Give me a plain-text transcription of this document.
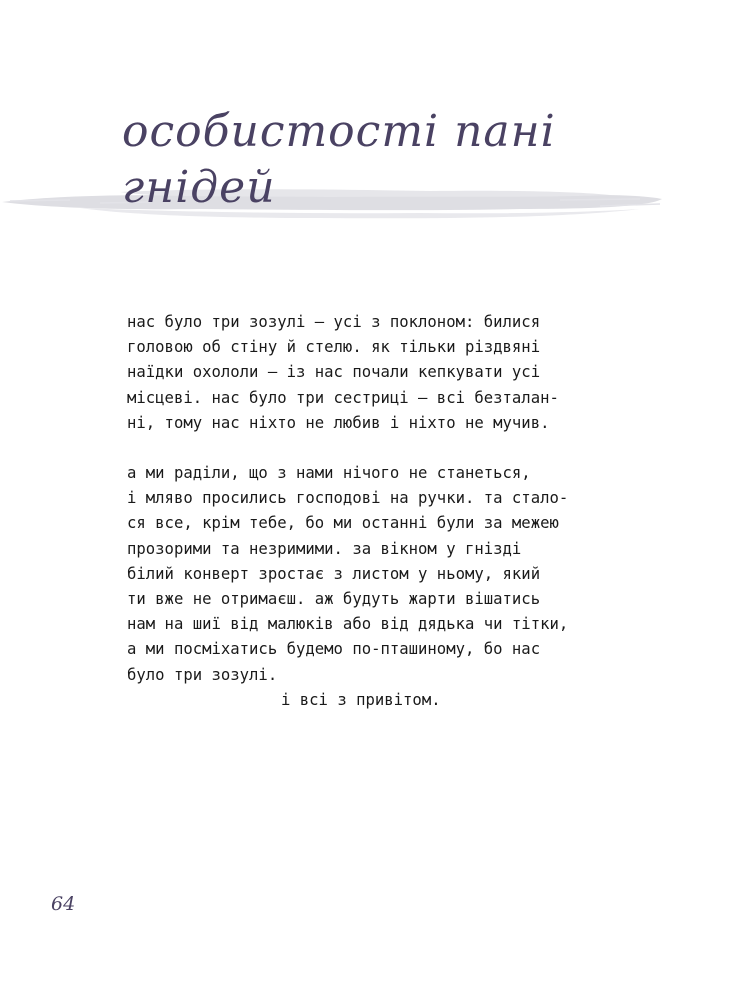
особистості пані
гнідей

нас було три зозулі — усі з поклоном: билися

головою об стіну й стелю. як тільки різдвяні

наїдки охололи — із нас почали кепкувати усі

місцеві. нас було три сестриці — всі безталан-

ні, тому нас ніхто не любив і ніхто не мучив.

а ми раділи, що з нами нічого не станеться,

і мляво просились господові на ручки. та стало-

ся все, крім тебе, бо ми останні були за межею

прозорими та незримими. за вікном у гнізді

білий конверт зростає з листом у ньому, який

ти вже не отримаєш. аж будуть жарти вішатись

нам на шиї від малюків або від дядька чи тітки,

а ми посміхатись будемо по-пташиному, бо нас

було три зозулі.

і всі з привітом.

64
